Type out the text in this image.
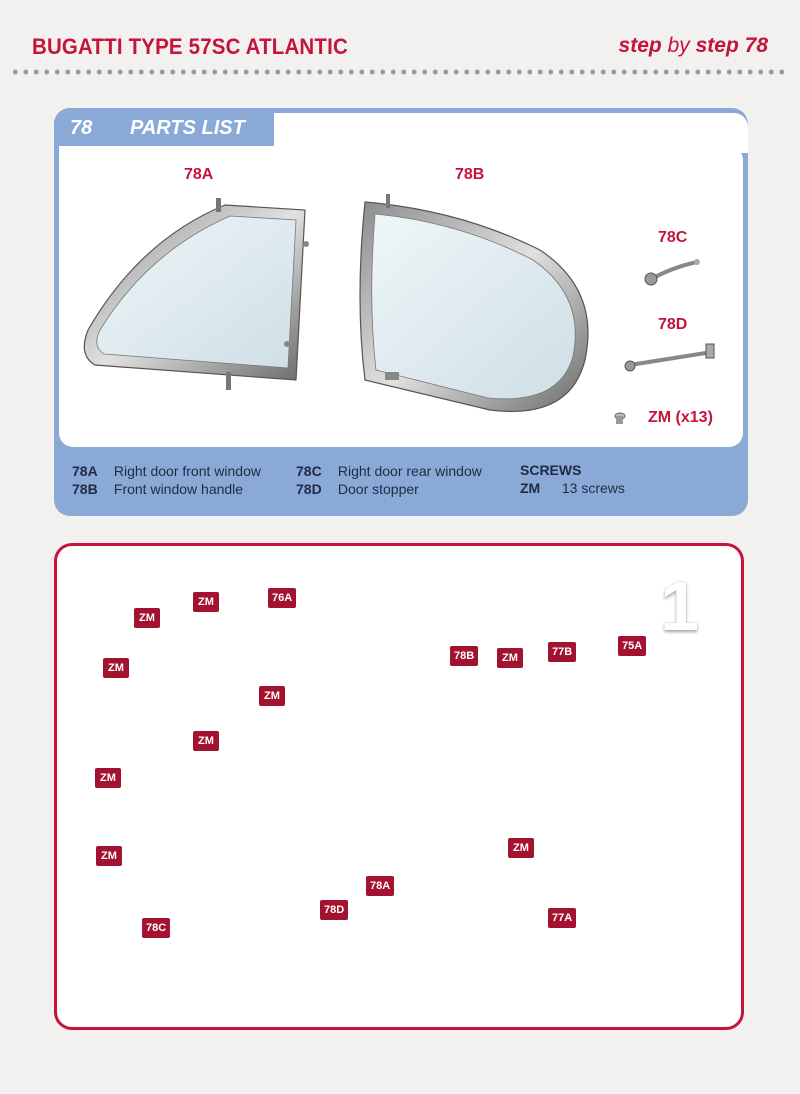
BUGATTI TYPE 57SC ATLANTIC	step by step 78
78 PARTS LIST
78A	78B
78C
78D
ZM (x13)
78A Right door front window
78B Front window handle
78C Right door rear window
78D Door stopper
SCREWS
ZM 13 screws
1
ZM
ZM	76A
ZM
ZM
ZM
ZM
ZM
78B	ZM	77B	75A
ZM
78C
78D
78A
77A
